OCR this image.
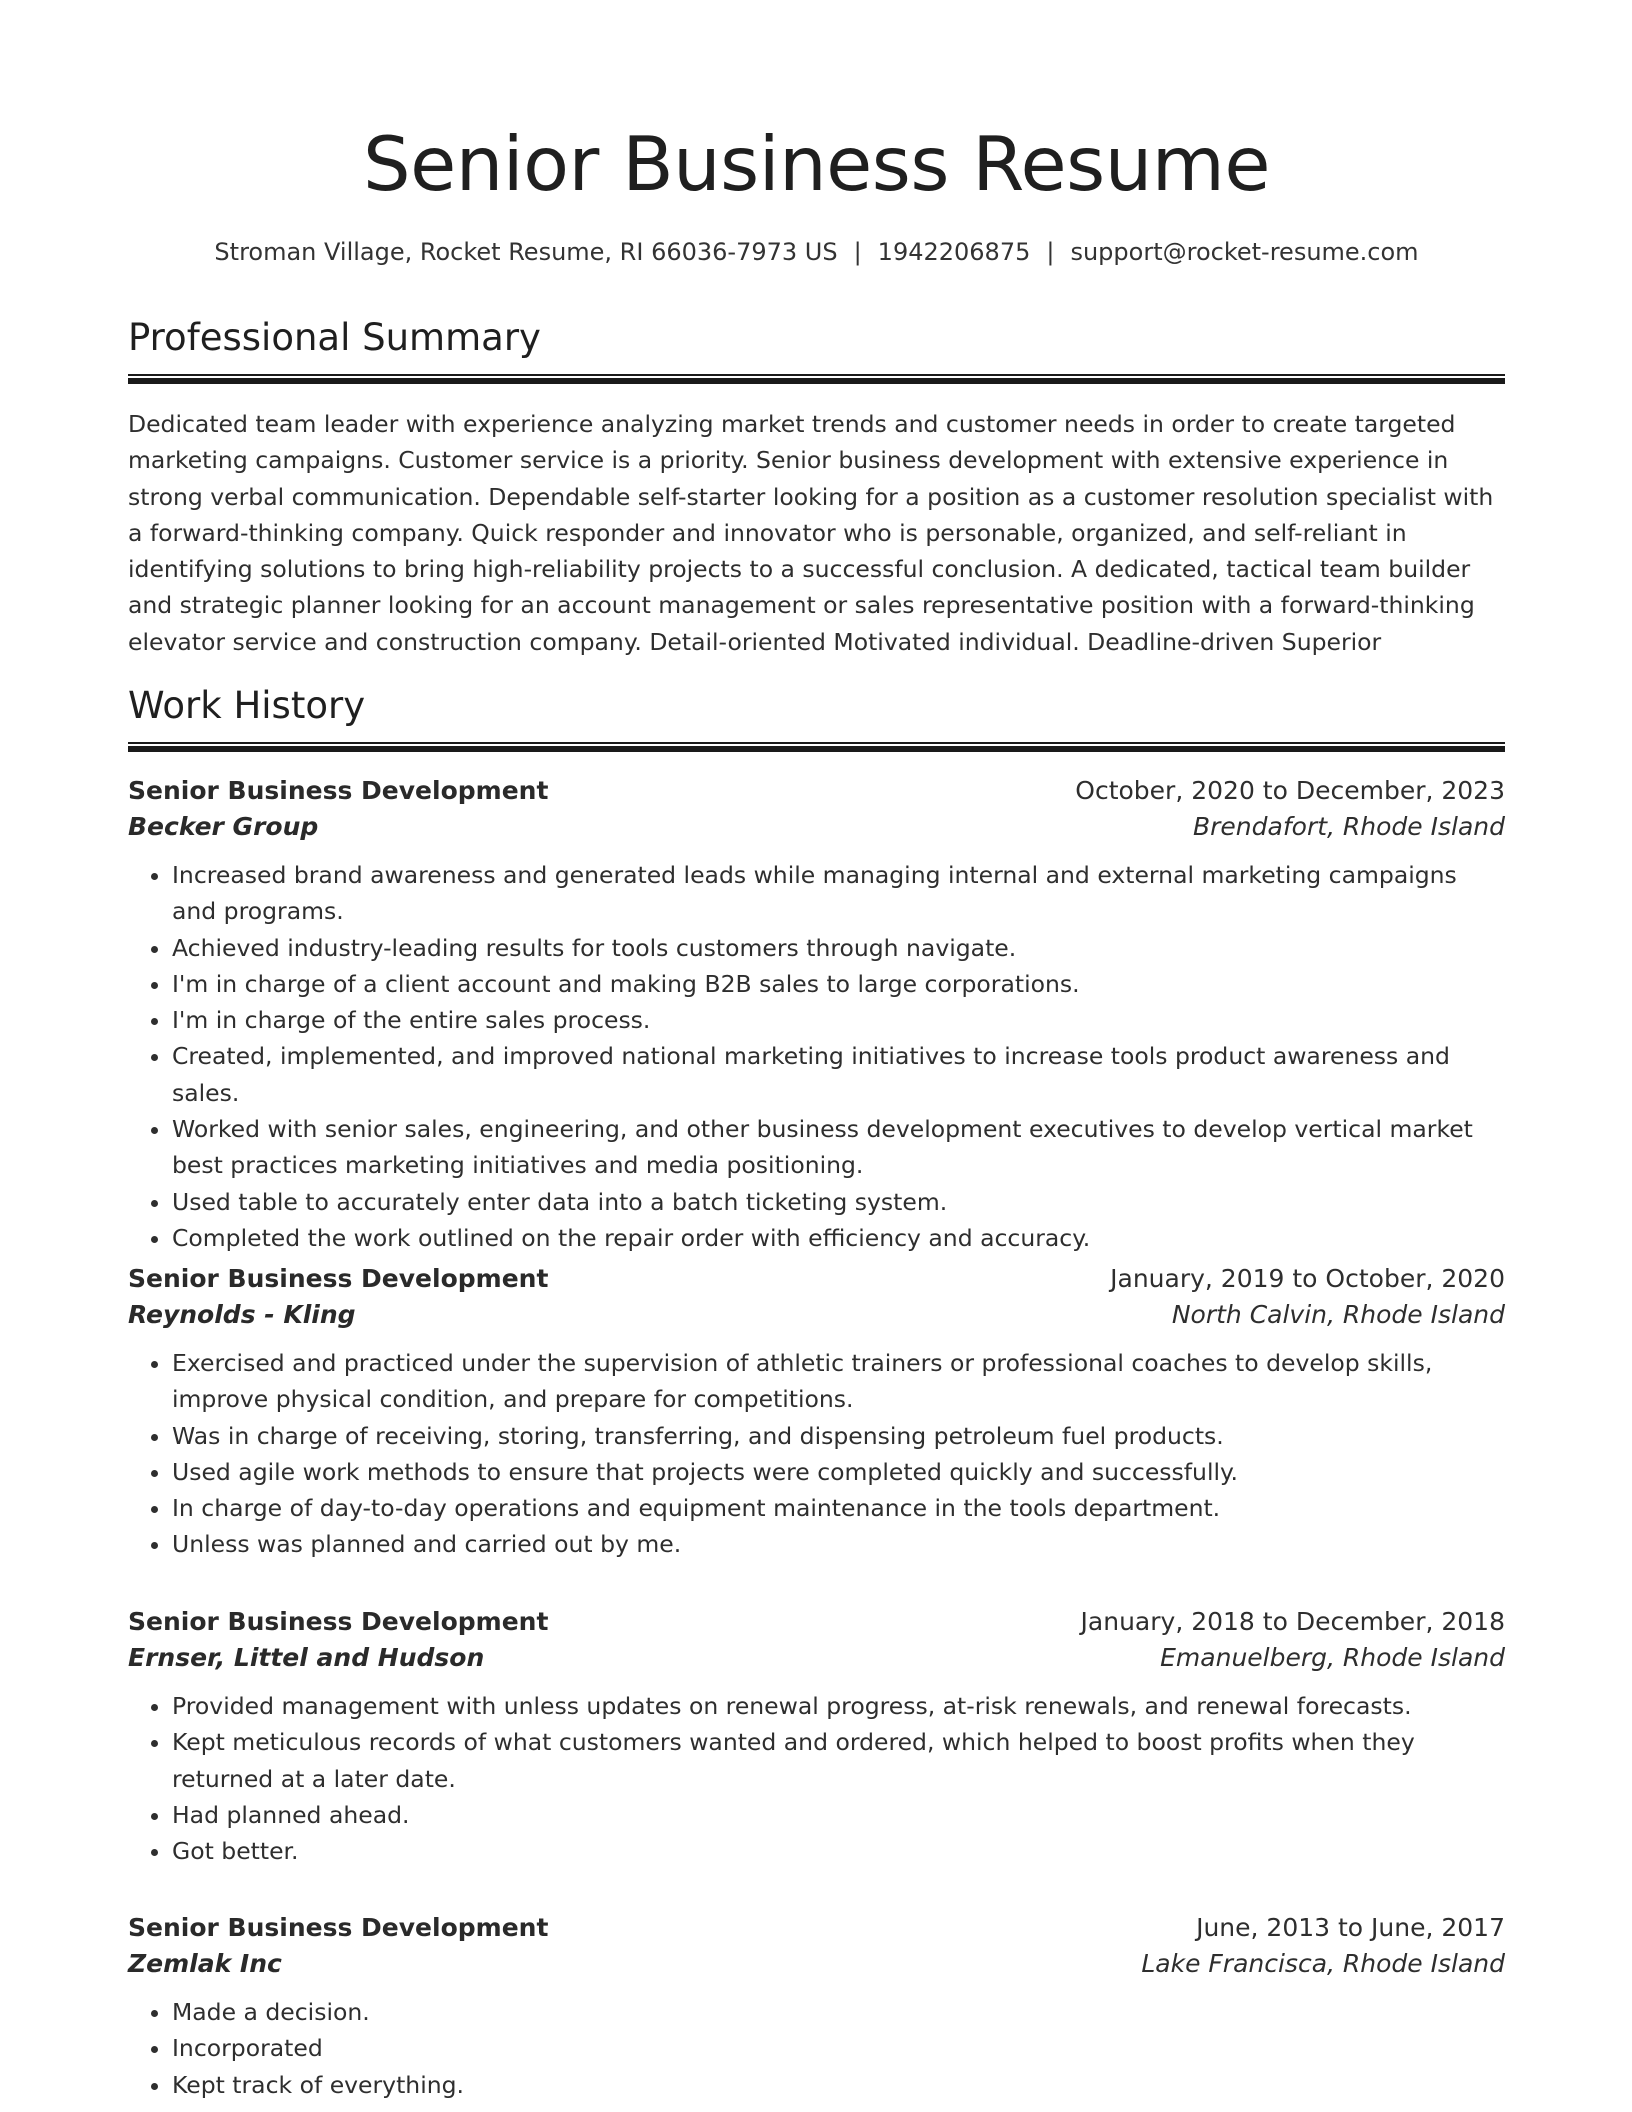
Senior Business Resume
Stroman Village, Rocket Resume, RI 66036-7973 US | 1942206875 | support@rocket-resume.com
Professional Summary

Dedicated team leader with experience analyzing market trends and customer needs in order to create targeted marketing campaigns. Customer service is a priority. Senior business development with extensive experience in strong verbal communication. Dependable self-starter looking for a position as a customer resolution specialist with a forward-thinking company. Quick responder and innovator who is personable, organized, and self-reliant in identifying solutions to bring high-reliability projects to a successful conclusion. A dedicated, tactical team builder and strategic planner looking for an account management or sales representative position with a forward-thinking elevator service and construction company. Detail-oriented Motivated individual. Deadline-driven Superior

Work History
Senior Business Development	October, 2020 to December, 2023
Becker Group	Brendafort, Rhode Island
• Increased brand awareness and generated leads while managing internal and external marketing campaigns and programs.
• Achieved industry-leading results for tools customers through navigate.
• I'm in charge of a client account and making B2B sales to large corporations.
• I'm in charge of the entire sales process.
• Created, implemented, and improved national marketing initiatives to increase tools product awareness and sales.
• Worked with senior sales, engineering, and other business development executives to develop vertical market best practices marketing initiatives and media positioning.
• Used table to accurately enter data into a batch ticketing system.
• Completed the work outlined on the repair order with efficiency and accuracy.
Senior Business Development	January, 2019 to October, 2020
Reynolds - Kling	North Calvin, Rhode Island
• Exercised and practiced under the supervision of athletic trainers or professional coaches to develop skills, improve physical condition, and prepare for competitions.
• Was in charge of receiving, storing, transferring, and dispensing petroleum fuel products.
• Used agile work methods to ensure that projects were completed quickly and successfully.
• In charge of day-to-day operations and equipment maintenance in the tools department.
• Unless was planned and carried out by me.
Senior Business Development	January, 2018 to December, 2018
Ernser, Littel and Hudson	Emanuelberg, Rhode Island
• Provided management with unless updates on renewal progress, at-risk renewals, and renewal forecasts.
• Kept meticulous records of what customers wanted and ordered, which helped to boost profits when they returned at a later date.
• Had planned ahead.
• Got better.
Senior Business Development	June, 2013 to June, 2017
Zemlak Inc	Lake Francisca, Rhode Island
• Made a decision.
• Incorporated
• Kept track of everything.
